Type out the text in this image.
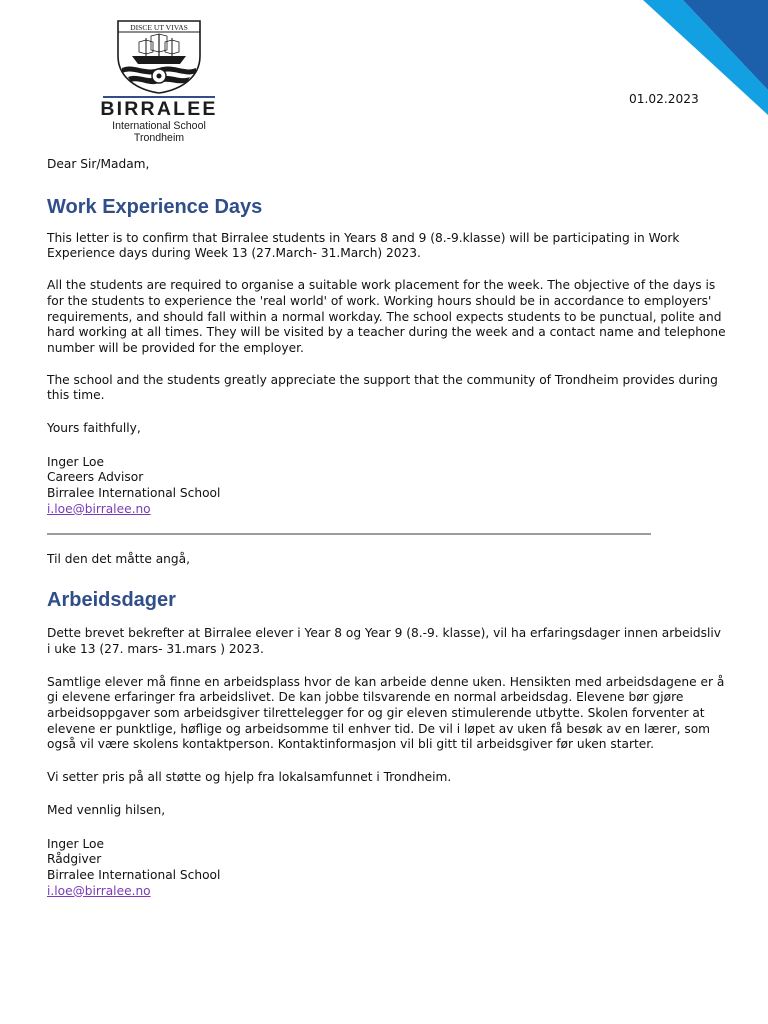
DISCE UT VIVAS
BIRRALEE
International School
Trondheim
01.02.2023

Dear Sir/Madam,

Work Experience Days

This letter is to confirm that Birralee students in Years 8 and 9 (8.-9.klasse) will be participating in Work Experience days during Week 13 (27.March- 31.March) 2023.

All the students are required to organise a suitable work placement for the week. The objective of the days is for the students to experience the 'real world' of work. Working hours should be in accordance to employers' requirements, and should fall within a normal workday. The school expects students to be punctual, polite and hard working at all times. They will be visited by a teacher during the week and a contact name and telephone number will be provided for the employer.

The school and the students greatly appreciate the support that the community of Trondheim provides during this time.

Yours faithfully,

Inger Loe

Careers Advisor

Birralee International School

i.loe@birralee.no

Til den det måtte angå,

Arbeidsdager

Dette brevet bekrefter at Birralee elever i Year 8 og Year 9 (8.-9. klasse), vil ha erfaringsdager innen arbeidsliv i uke 13 (27. mars- 31.mars ) 2023.

Samtlige elever må finne en arbeidsplass hvor de kan arbeide denne uken. Hensikten med arbeidsdagene er å gi elevene erfaringer fra arbeidslivet. De kan jobbe tilsvarende en normal arbeidsdag. Elevene bør gjøre arbeidsoppgaver som arbeidsgiver tilrettelegger for og gir eleven stimulerende utbytte. Skolen forventer at elevene er punktlige, høflige og arbeidsomme til enhver tid. De vil i løpet av uken få besøk av en lærer, som også vil være skolens kontaktperson. Kontaktinformasjon vil bli gitt til arbeidsgiver før uken starter.

Vi setter pris på all støtte og hjelp fra lokalsamfunnet i Trondheim.

Med vennlig hilsen,

Inger Loe

Rådgiver

Birralee International School

i.loe@birralee.no
